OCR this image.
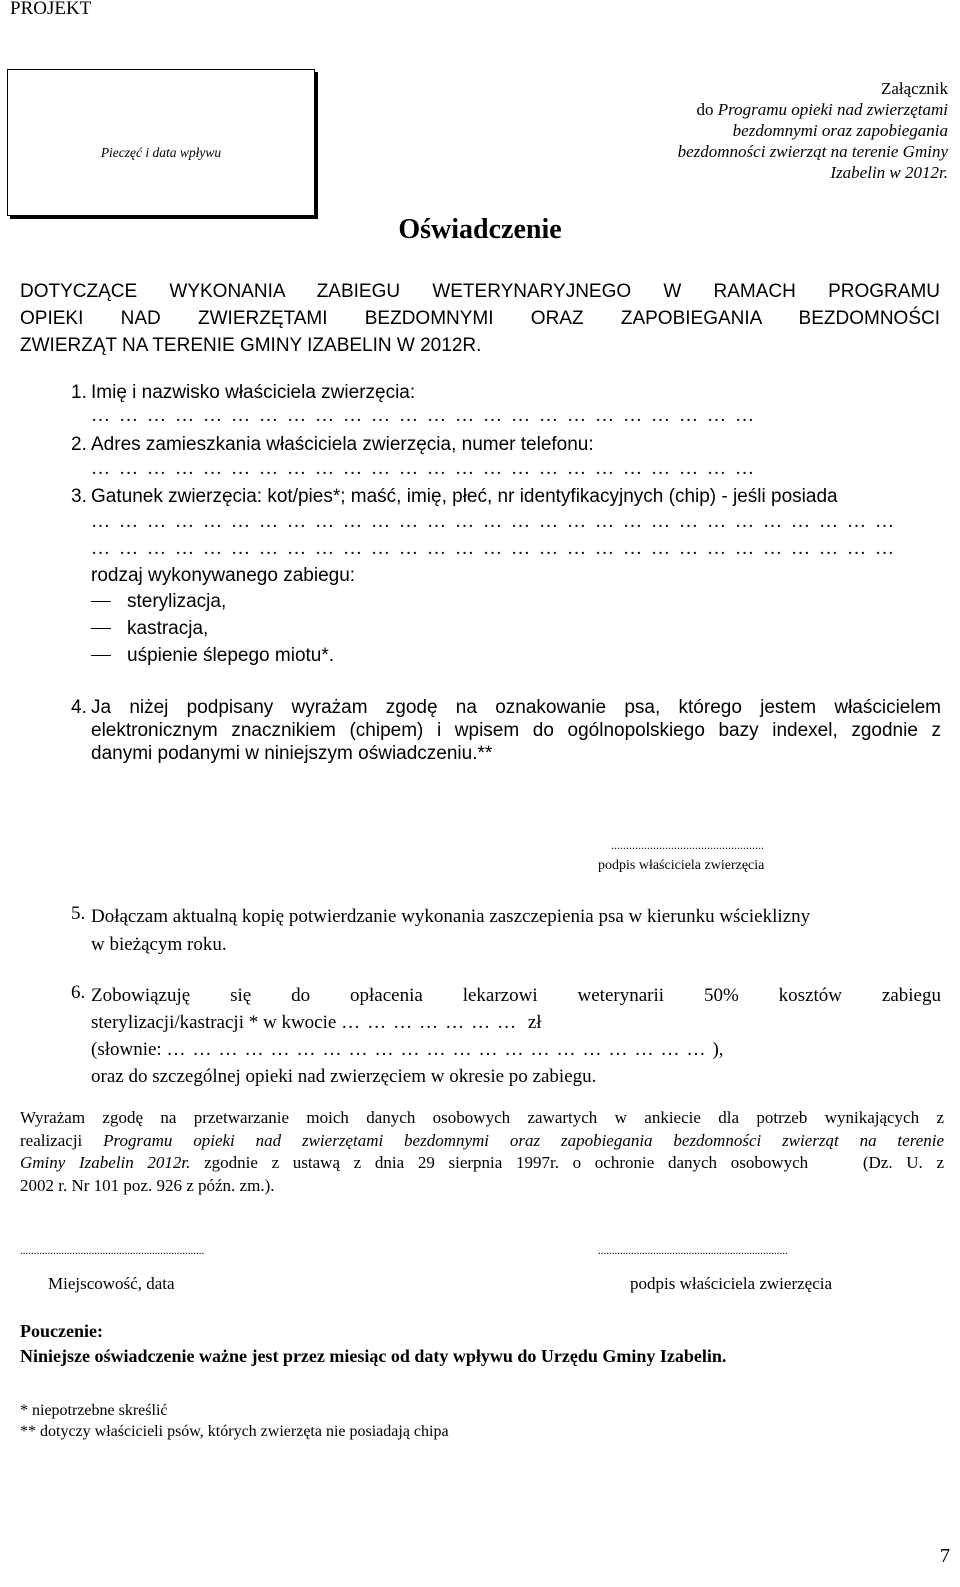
PROJEKT
Pieczęć i data wpływu
Załącznik
do Programu opieki nad zwierzętami
bezdomnymi oraz zapobiegania
bezdomności zwierząt na terenie Gminy
Izabelin w 2012r.
Oświadczenie
DOTYCZĄCE WYKONANIA ZABIEGU WETERYNARYJNEGO W RAMACH PROGRAMU
OPIEKI NAD ZWIERZĘTAMI BEZDOMNYMI ORAZ ZAPOBIEGANIA BEZDOMNOŚCI
ZWIERZĄT NA TERENIE GMINY IZABELIN W 2012R.
1. Imię i nazwisko właściciela zwierzęcia:
………………………………………………………………
2. Adres zamieszkania właściciela zwierzęcia, numer telefonu:
………………………………………………………………
3. Gatunek zwierzęcia: kot/pies*; maść, imię, płeć, nr identyfikacyjnych (chip) - jeśli posiada
……………………………………………………………………………
……………………………………………………………………………
rodzaj wykonywanego zabiegu:
sterylizacja,
kastracja,
uśpienie ślepego miotu*.
4. Ja niżej podpisany wyrażam zgodę na oznakowanie psa, którego jestem właścicielem
elektronicznym znacznikiem (chipem) i wpisem do ogólnopolskiego bazy indexel, zgodnie z
danymi podanymi w niniejszym oświadczeniu.**
...................................................
podpis właściciela zwierzęcia
5. Dołączam aktualną kopię potwierdzanie wykonania zaszczepienia psa w kierunku wścieklizny
w bieżącym roku.
6. Zobowiązuję się do opłacenia lekarzowi weterynarii 50% kosztów zabiegu
sterylizacji/kastracji * w kwocie ………………… zł
(słownie: ………………………………………………………),
oraz do szczególnej opieki nad zwierzęciem w okresie po zabiegu.
Wyrażam zgodę na przetwarzanie moich danych osobowych zawartych w ankiecie dla potrzeb wynikających z
realizacji Programu opieki nad zwierzętami bezdomnymi oraz zapobiegania bezdomności zwierząt na terenie
Gminy Izabelin 2012r. zgodnie z ustawą z dnia 29 sierpnia 1997r. o ochronie danych osobowych    (Dz. U. z
2002 r. Nr 101 poz. 926 z późn. zm.).
...................................................................
Miejscowość, data
.....................................................................
podpis właściciela zwierzęcia
Pouczenie:
Niniejsze oświadczenie ważne jest przez miesiąc od daty wpływu do Urzędu Gminy Izabelin.
* niepotrzebne skreślić
** dotyczy właścicieli psów, których zwierzęta nie posiadają chipa
7
